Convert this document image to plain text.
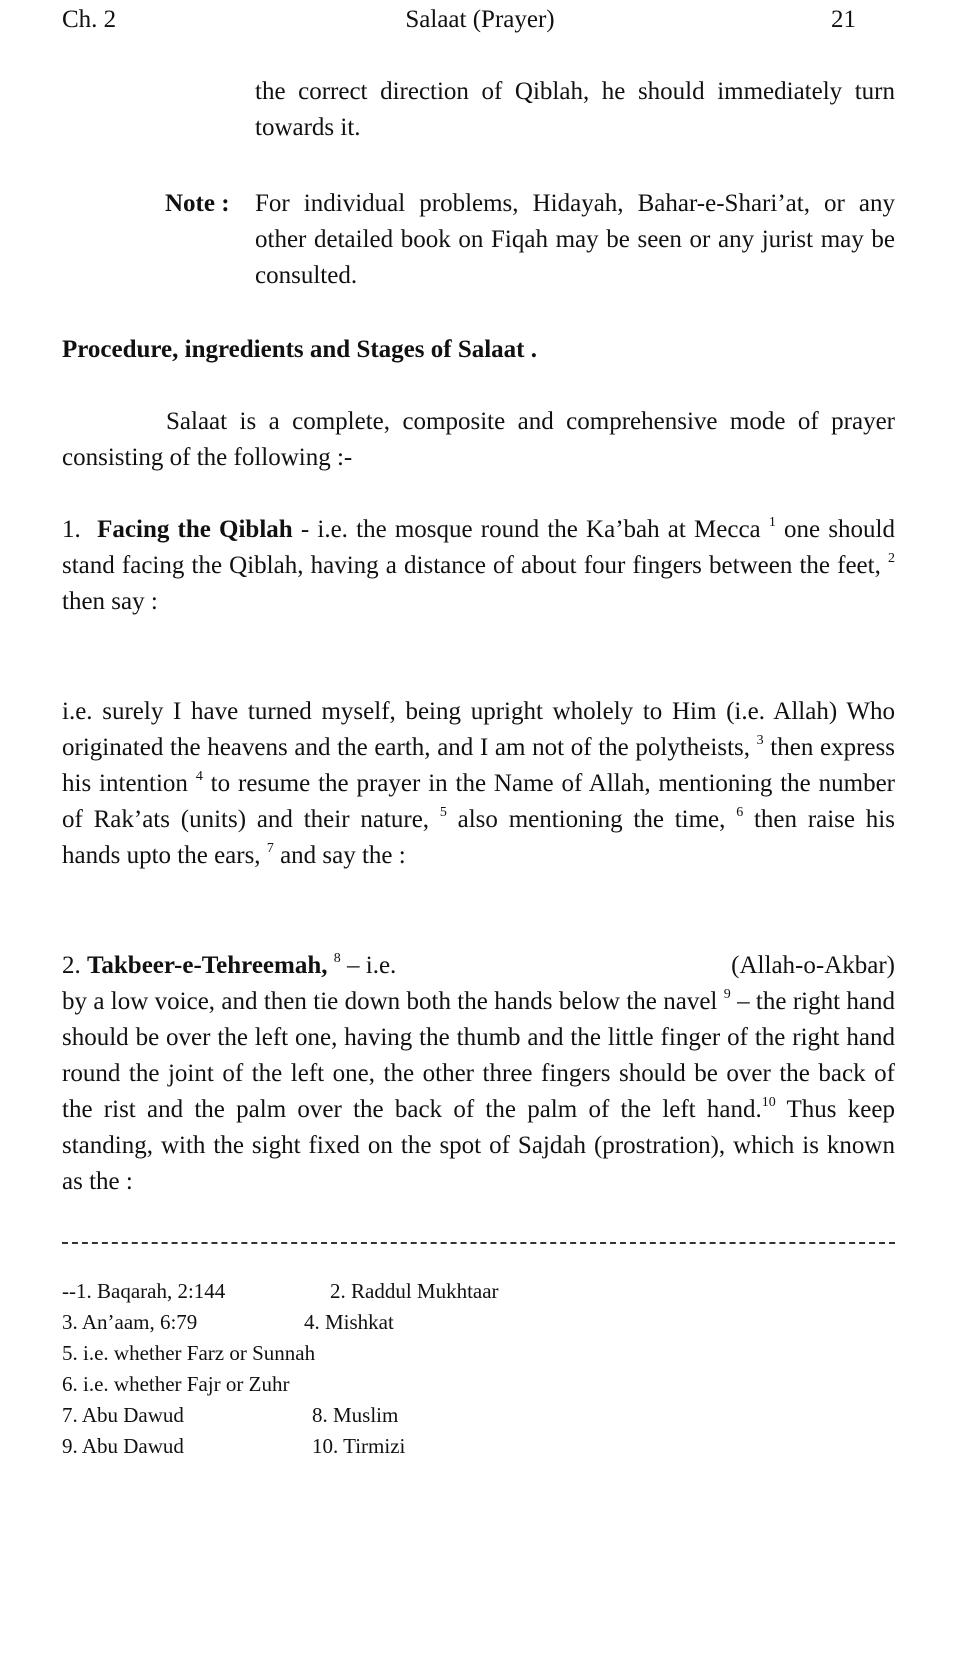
Ch. 2	Salaat (Prayer)	21

the correct direction of Qiblah, he should immediately turn towards it.

Note : For individual problems, Hidayah, Bahar-e-Shari’at, or any other detailed book on Fiqah may be seen or any jurist may be consulted.

Procedure, ingredients and Stages of Salaat .

Salaat is a complete, composite and comprehensive mode of prayer consisting of the following :-

1. Facing the Qiblah - i.e. the mosque round the Ka’bah at Mecca $^1$ one should stand facing the Qiblah, having a distance of about four fingers between the feet, $^2$ then say :

i.e. surely I have turned myself, being upright wholely to Him (i.e. Allah) Who originated the heavens and the earth, and I am not of the polytheists, $^3$ then express his intention $^4$ to resume the prayer in the Name of Allah, mentioning the number of Rak’ats (units) and their nature, $^5$ also mentioning the time, $^6$ then raise his hands upto the ears, $^7$ and say the :

(Allah-o-Akbar)
2. Takbeer-e-Tehreemah, $^8$ – i.e.
by a low voice, and then tie down both the hands below the navel $^9$ – the right hand should be over the left one, having the thumb and the little finger of the right hand round the joint of the left one, the other three fingers should be over the back of the rist and the palm over the back of the palm of the left hand.$^{10}$ Thus keep standing, with the sight fixed on the spot of Sajdah (prostration), which is known as the :

--1. Baqarah, 2:144	2. Raddul Mukhtaar
3. An’aam, 6:79	4. Mishkat
5. i.e. whether Farz or Sunnah
6. i.e. whether Fajr or Zuhr
7. Abu Dawud	8. Muslim
9. Abu Dawud	10. Tirmizi
